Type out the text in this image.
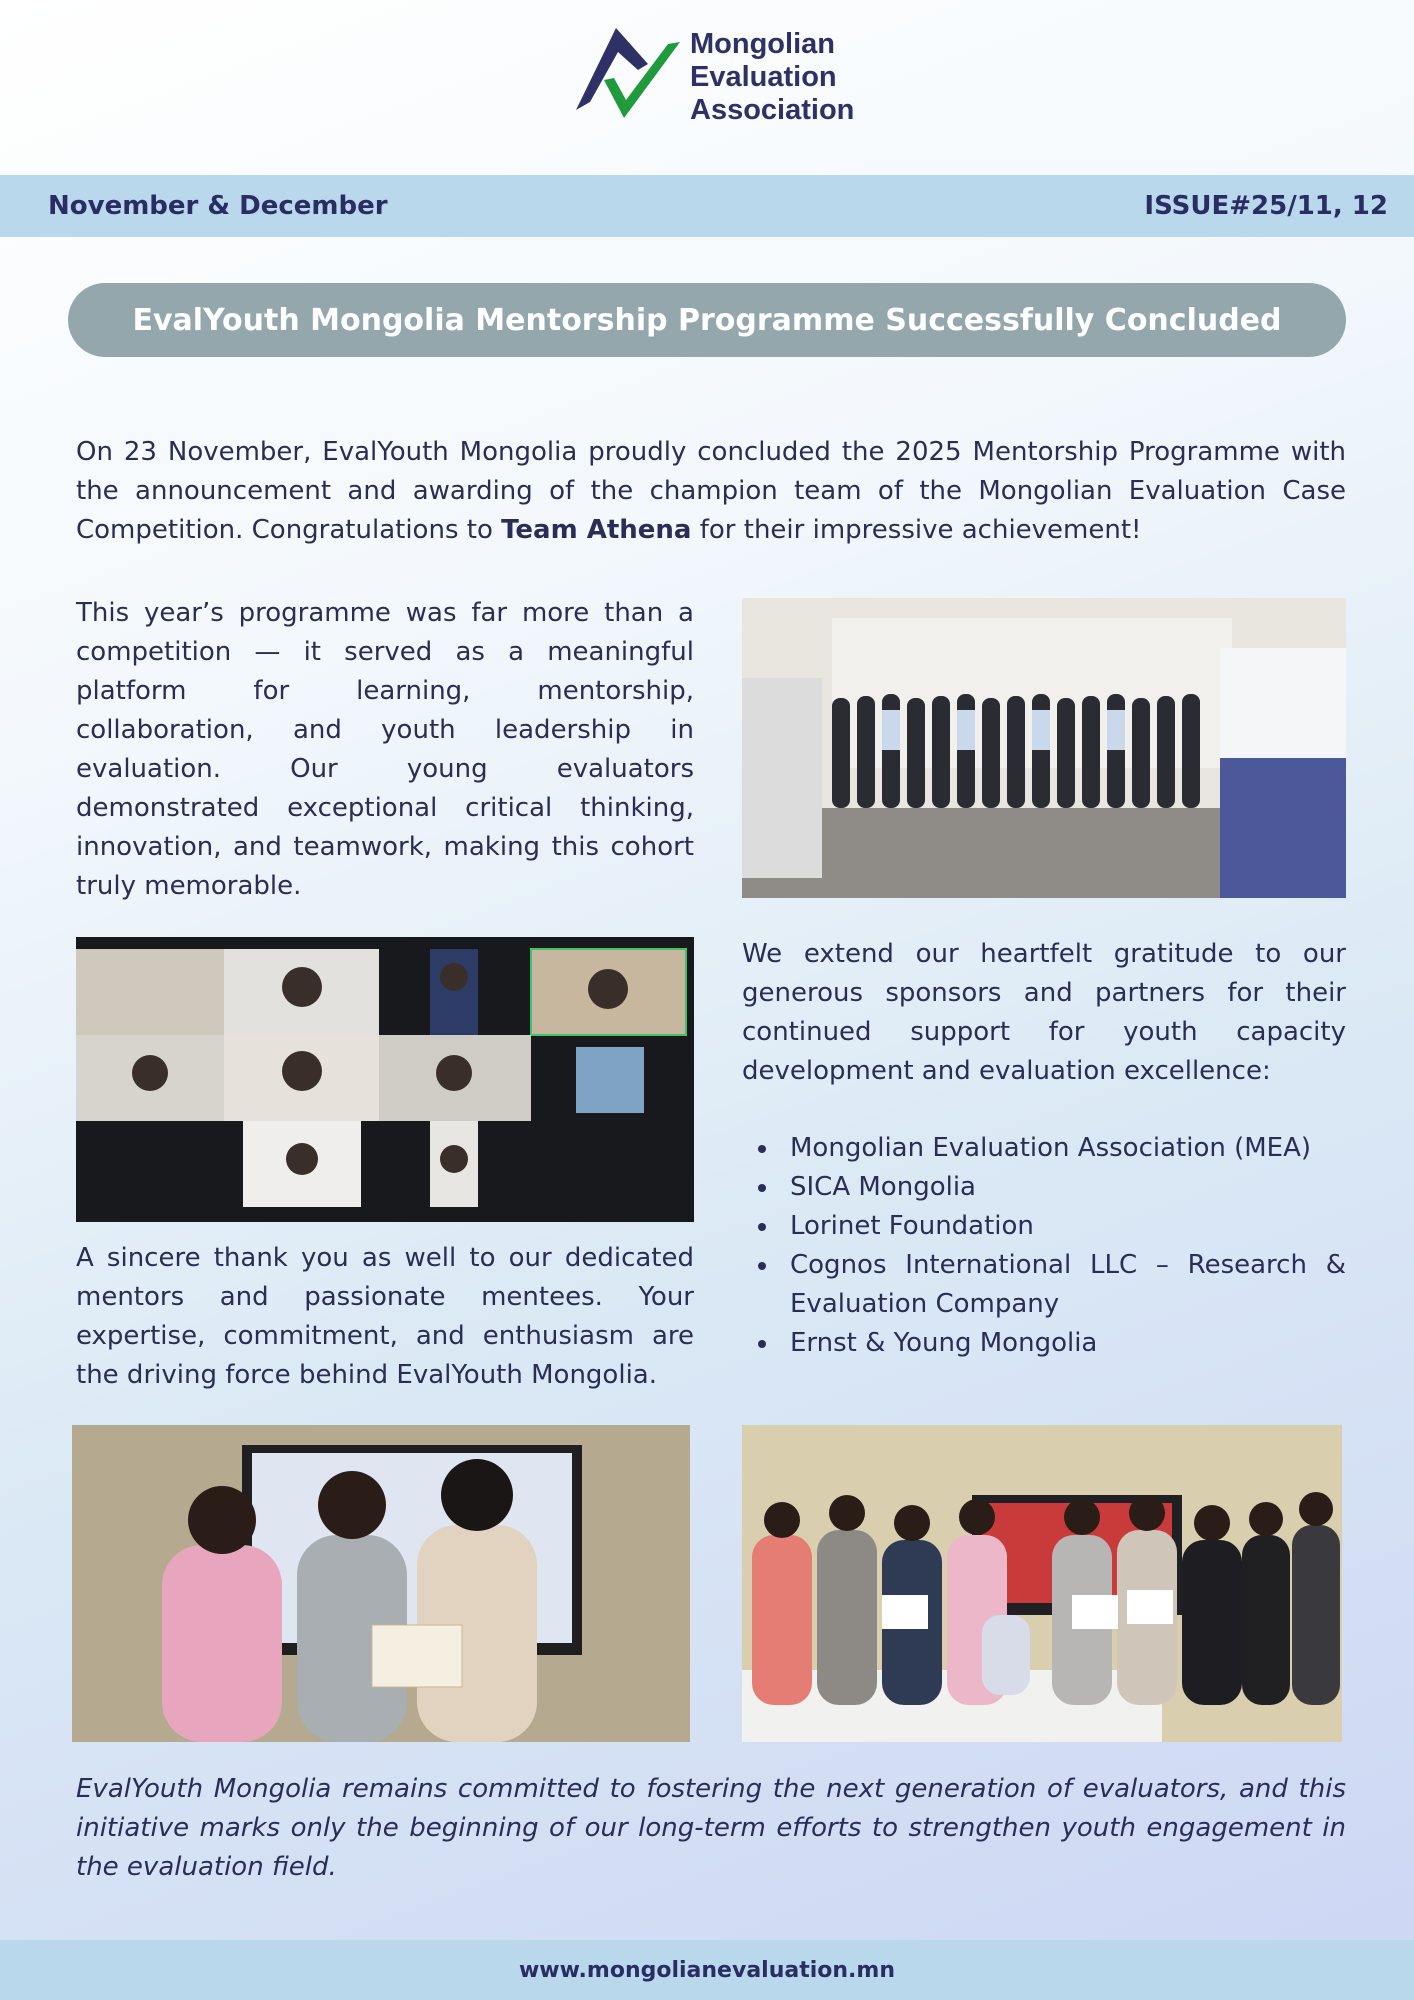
Mongolian
Evaluation
Association
November & December	ISSUE#25/11, 12
EvalYouth Mongolia Mentorship Programme Successfully Concluded

On 23 November, EvalYouth Mongolia proudly concluded the 2025 Mentorship Programme with the announcement and awarding of the champion team of the Mongolian Evaluation Case Competition. Congratulations to Team Athena for their impressive achievement!

This year’s programme was far more than a competition — it served as a meaningful platform for learning, mentorship, collaboration, and youth leadership in evaluation. Our young evaluators demonstrated exceptional critical thinking, innovation, and teamwork, making this cohort truly memorable.

A sincere thank you as well to our dedicated mentors and passionate mentees. Your expertise, commitment, and enthusiasm are the driving force behind EvalYouth Mongolia.

We extend our heartfelt gratitude to our generous sponsors and partners for their continued support for youth capacity development and evaluation excellence:

Mongolian Evaluation Association (MEA)
SICA Mongolia
Lorinet Foundation
Cognos International LLC – Research & Evaluation Company
Ernst & Young Mongolia

EvalYouth Mongolia remains committed to fostering the next generation of evaluators, and this initiative marks only the beginning of our long-term efforts to strengthen youth engagement in the evaluation field.

www.mongolianevaluation.mn
